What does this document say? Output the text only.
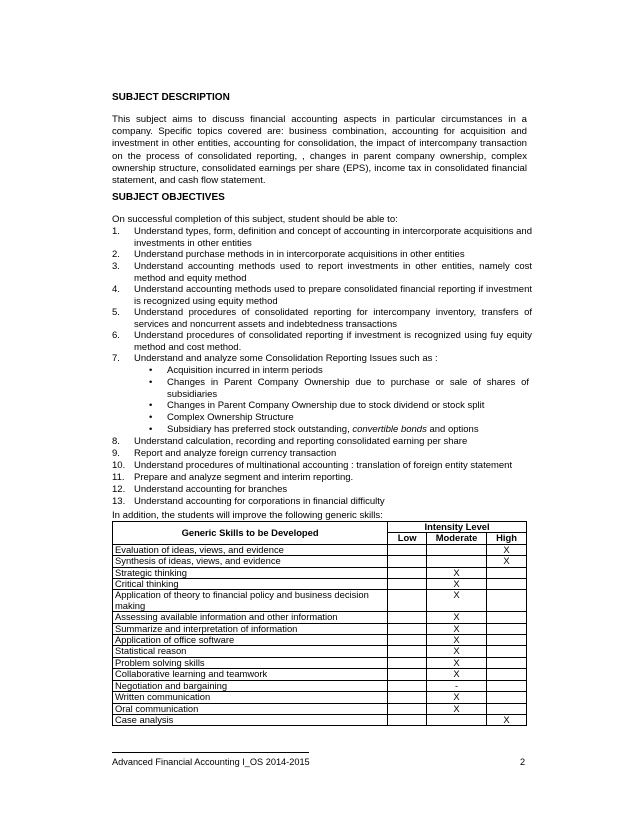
SUBJECT DESCRIPTION
This subject aims to discuss financial accounting aspects in particular circumstances in a company. Specific topics covered are: business combination, accounting for acquisition and investment in other entities, accounting for consolidation, the impact of intercompany transaction on the process of consolidated reporting, , changes in parent company ownership, complex ownership structure, consolidated earnings per share (EPS), income tax in consolidated financial statement, and cash flow statement.
SUBJECT OBJECTIVES
On successful completion of this subject, student should be able to:
1.	Understand types, form, definition and concept of accounting in intercorporate acquisitions and investments in other entities
2.	Understand purchase methods in in intercorporate acquisitions in other entities
3.	Understand accounting methods used to report investments in other entities, namely cost method and equity method
4.	Understand accounting methods used to prepare consolidated financial reporting if investment is recognized using equity method
5.	Understand procedures of consolidated reporting for intercompany inventory, transfers of services and noncurrent assets and indebtedness transactions
6.	Understand procedures of consolidated reporting if investment is recognized using fuy equity method and cost method.
7.	Understand and analyze some Consolidation Reporting Issues such as :
• Acquisition incurred in interm periods
• Changes in Parent Company Ownership due to purchase or sale of shares of subsidiaries
• Changes in Parent Company Ownership due to stock dividend or stock split
• Complex Ownership Structure
• Subsidiary has preferred stock outstanding, convertible bonds and options
8.	Understand calculation, recording and reporting consolidated earning per share
9.	Report and analyze foreign currency transaction
10. Understand procedures of multinational accounting : translation of foreign entity statement
11. Prepare and analyze segment and interim reporting.
12. Understand accounting for branches
13. Understand accounting for corporations in financial difficulty
In addition, the students will improve the following generic skills:
Generic Skills to be Developed	Intensity Level		
	Low	Moderate	High
Evaluation of ideas, views, and evidence			X
Synthesis of ideas, views, and evidence			X
Strategic thinking		X	
Critical thinking		X	
Application of theory to financial policy and business decision making		X	
Assessing available information and other information		X	
Summarize and interpretation of information		X	
Application of office software		X	
Statistical reason		X	
Problem solving skills		X	
Collaborative learning and teamwork		X	
Negotiation and bargaining		-	
Written communication		X	
Oral communication		X	
Case analysis			X
Advanced Financial Accounting I_OS 2014-2015	2
